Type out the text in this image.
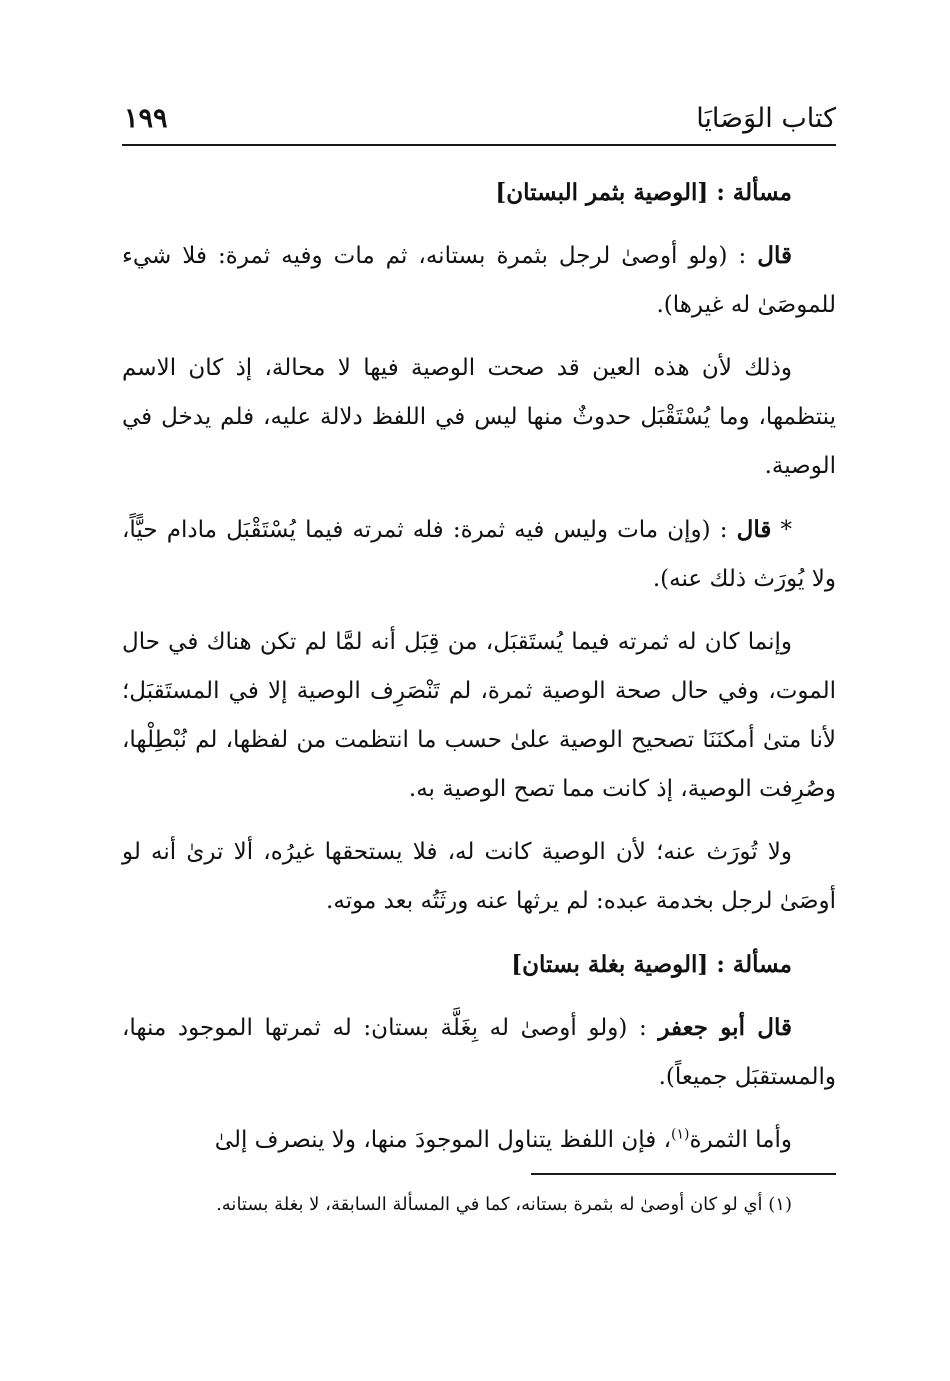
كتاب الوَصَايَا
١٩٩

مسألة : [الوصية بثمر البستان]

قال : (ولو أوصىٰ لرجل بثمرة بستانه، ثم مات وفيه ثمرة: فلا شيء للموصَىٰ له غيرها).

وذلك لأن هذه العين قد صحت الوصية فيها لا محالة، إذ كان الاسم ينتظمها، وما يُسْتَقْبَل حدوثٌ منها ليس في اللفظ دلالة عليه، فلم يدخل في الوصية.

* قال : (وإن مات وليس فيه ثمرة: فله ثمرته فيما يُسْتَقْبَل مادام حيًّاً، ولا يُورَث ذلك عنه).

وإنما كان له ثمرته فيما يُستَقبَل، من قِبَل أنه لمَّا لم تكن هناك في حال الموت، وفي حال صحة الوصية ثمرة، لم تَنْصَرِف الوصية إلا في المستَقبَل؛ لأنا متىٰ أمكنَنَا تصحيح الوصية علىٰ حسب ما انتظمت من لفظها، لم نُبْطِلْها، وصُرِفت الوصية، إذ كانت مما تصح الوصية به.

ولا تُورَث عنه؛ لأن الوصية كانت له، فلا يستحقها غيرُه، ألا ترىٰ أنه لو أوصَىٰ لرجل بخدمة عبده: لم يرثها عنه ورثَتُه بعد موته.

مسألة : [الوصية بغلة بستان]

قال أبو جعفر : (ولو أوصىٰ له بِغَلَّة بستان: له ثمرتها الموجود منها، والمستقبَل جميعاً).

وأما الثمرة$^{(١)}$، فإن اللفظ يتناول الموجودَ منها، ولا ينصرف إلىٰ

(١) أي لو كان أوصىٰ له بثمرة بستانه، كما في المسألة السابقة، لا بغلة بستانه.
